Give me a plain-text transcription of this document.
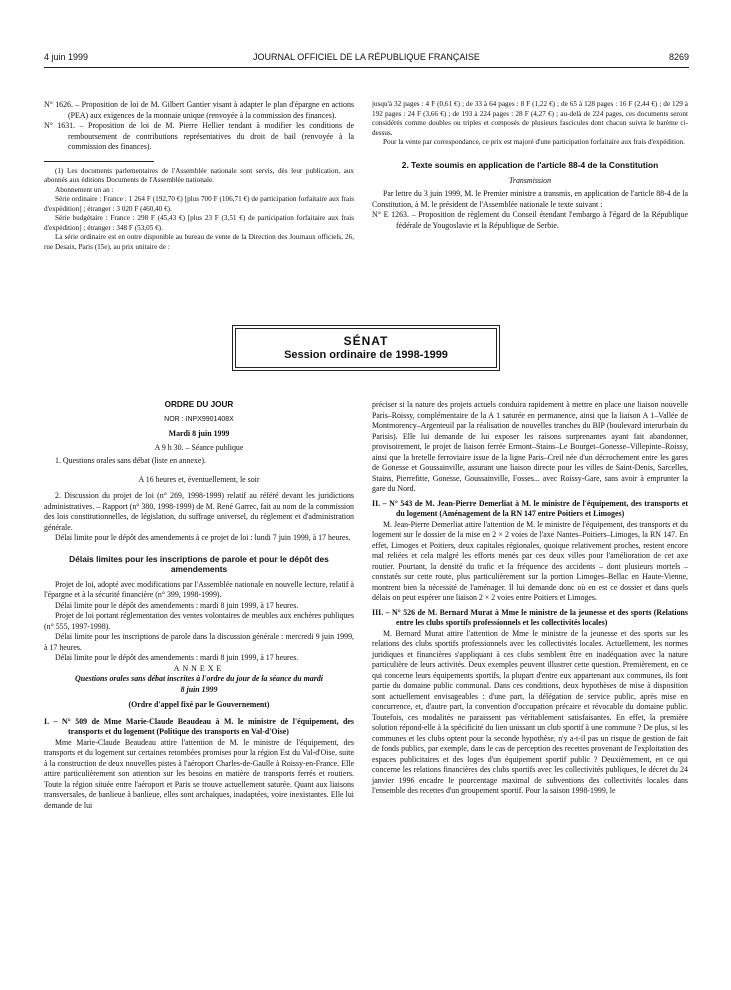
4 juin 1999	JOURNAL OFFICIEL DE LA RÉPUBLIQUE FRANÇAISE	8269

N° 1626. – Proposition de loi de M. Gilbert Gantier visant à adapter le plan d'épargne en actions (PEA) aux exigences de la monnaie unique (renvoyée à la commission des finances).

N° 1631. – Proposition de loi de M. Pierre Hellier tendant à modifier les conditions de remboursement de contributions représentatives du droit de bail (renvoyée à la commission des finances).

(1) Les documents parlementaires de l'Assemblée nationale sont servis, dès leur publication, aux abonnés aux éditions Documents de l'Assemblée nationale.

Abonnement un an :

Série ordinaire : France : 1 264 F (192,70 €) [plus 700 F (106,71 €) de participation forfaitaire aux frais d'expédition] ; étranger : 3 020 F (460,40 €).

Série budgétaire : France : 298 F (45,43 €) [plus 23 F (3,51 €) de participation forfaitaire aux frais d'expédition] ; étranger : 348 F (53,05 €).

La série ordinaire est en outre disponible au bureau de vente de la Direction des Journaux officiels, 26, rue Desaix, Paris (15e), au prix unitaire de :

jusqu'à 32 pages : 4 F (0,61 €) ; de 33 à 64 pages : 8 F (1,22 €) ; de 65 à 128 pages : 16 F (2,44 €) ; de 129 à 192 pages : 24 F (3,66 €) ; de 193 à 224 pages : 28 F (4,27 €) ; au-delà de 224 pages, ces documents seront considérés comme doubles ou triples et composés de plusieurs fascicules dont chacun suivra le barème ci-dessus.

Pour la vente par correspondance, ce prix est majoré d'une participation forfaitaire aux frais d'expédition.

2. Texte soumis en application de l'article 88-4 de la Constitution

Transmission

Par lettre du 3 juin 1999, M. le Premier ministre a transmis, en application de l'article 88-4 de la Constitution, à M. le président de l'Assemblée nationale le texte suivant :

N° E 1263. – Proposition de règlement du Conseil étendant l'embargo à l'égard de la République fédérale de Yougoslavie et la République de Serbie.

SÉNAT
Session ordinaire de 1998-1999

ORDRE DU JOUR

NOR : INPX9901408X

Mardi 8 juin 1999

A 9 h 30. – Séance publique

1. Questions orales sans débat (liste en annexe).

A 16 heures et, éventuellement, le soir

2. Discussion du projet de loi (n° 269, 1998-1999) relatif au référé devant les juridictions administratives. – Rapport (n° 380, 1998-1999) de M. René Garrec, fait au nom de la commission des lois constitutionnelles, de législation, du suffrage universel, du règlement et d'administration générale.

Délai limite pour le dépôt des amendements à ce projet de loi : lundi 7 juin 1999, à 17 heures.

Délais limites pour les inscriptions de parole et pour le dépôt des amendements

Projet de loi, adopté avec modifications par l'Assemblée nationale en nouvelle lecture, relatif à l'épargne et à la sécurité financière (n° 399, 1998-1999).

Délai limite pour le dépôt des amendements : mardi 8 juin 1999, à 17 heures.

Projet de loi portant réglementation des ventes volontaires de meubles aux enchères publiques (n° 555, 1997-1998).

Délai limite pour les inscriptions de parole dans la discussion générale : mercredi 9 juin 1999, à 17 heures.

Délai limite pour le dépôt des amendements : mardi 8 juin 1999, à 17 heures.

ANNEXE

Questions orales sans débat inscrites à l'ordre du jour de la séance du mardi 8 juin 1999

(Ordre d'appel fixé par le Gouvernement)

I. – N° 509 de Mme Marie-Claude Beaudeau à M. le ministre de l'équipement, des transports et du logement (Politique des transports en Val-d'Oise)

Mme Marie-Claude Beaudeau attire l'attention de M. le ministre de l'équipement, des transports et du logement sur certaines retombées promises pour la région Est du Val-d'Oise, suite à la construction de deux nouvelles pistes à l'aéroport Charles-de-Gaulle à Roissy-en-France. Elle attire particulièrement son attention sur les besoins en matière de transports ferrés et routiers. Toute la région située entre l'aéroport et Paris se trouve actuellement saturée. Quant aux liaisons transversales, de banlieue à banlieue, elles sont archaïques, inadaptées, voire inexistantes. Elle lui demande de lui

préciser si la nature des projets actuels conduira rapidement à mettre en place une liaison nouvelle Paris–Roissy, complémentaire de la A 1 saturée en permanence, ainsi que la liaison A 1–Vallée de Montmorency–Argenteuil par la réalisation de nouvelles tranches du BIP (boulevard interurbain du Parisis). Elle lui demande de lui exposer les raisons surprenantes ayant fait abandonner, provisoirement, le projet de liaison ferrée Ermont–Stains–Le Bourget–Gonesse–Villepinte–Roissy, ainsi que la bretelle ferroviaire issue de la ligne Paris–Creil née d'un décrochement entre les gares de Gonesse et Goussainville, assurant une liaison directe pour les villes de Saint-Denis, Sarcelles, Stains, Pierrefitte, Gonesse, Goussainville, Fosses... avec Roissy-Gare, sans avoir à emprunter la gare du Nord.

II. – N° 543 de M. Jean-Pierre Demerliat à M. le ministre de l'équipement, des transports et du logement (Aménagement de la RN 147 entre Poitiers et Limoges)

M. Jean-Pierre Demerliat attire l'attention de M. le ministre de l'équipement, des transports et du logement sur le dossier de la mise en 2 × 2 voies de l'axe Nantes–Poitiers–Limoges, la RN 147. En effet, Limoges et Poitiers, deux capitales régionales, quoique relativement proches, restent encore mal reliées et cela malgré les efforts menés par ces deux villes pour l'amélioration de cet axe routier. Pourtant, la densité du trafic et la fréquence des accidents – dont plusieurs mortels – constatés sur cette route, plus particulièrement sur la portion Limoges–Bellac en Haute-Vienne, montrent bien la nécessité de l'aménager. Il lui demande donc où en est ce dossier et dans quels délais on peut espérer une liaison 2 × 2 voies entre Poitiers et Limoges.

III. – N° 526 de M. Bernard Murat à Mme le ministre de la jeunesse et des sports (Relations entre les clubs sportifs professionnels et les collectivités locales)

M. Bernard Murat attire l'attention de Mme le ministre de la jeunesse et des sports sur les relations des clubs sportifs professionnels avec les collectivités locales. Actuellement, les normes juridiques et financières s'appliquant à ces clubs semblent être en inadéquation avec la nature particulière de leurs activités. Deux exemples peuvent illustrer cette question. Premièrement, en ce qui concerne leurs équipements sportifs, la plupart d'entre eux appartenant aux communes, ils font partie du domaine public communal. Dans ces conditions, deux hypothèses de mise à disposition sont actuellement envisageables : d'une part, la délégation de service public, après mise en concurrence, et, d'autre part, la convention d'occupation précaire et révocable du domaine public. Toutefois, ces modalités ne paraissent pas véritablement satisfaisantes. En effet, la première solution répond-elle à la spécificité du lien unissant un club sportif à une commune ? De plus, si les communes et les clubs optent pour la seconde hypothèse, n'y a-t-il pas un risque de gestion de fait de fonds publics, par exemple, dans le cas de perception des recettes provenant de l'exploitation des espaces publicitaires et des loges d'un équipement sportif public ? Deuxièmement, en ce qui concerne les relations financières des clubs sportifs avec les collectivités publiques, le décret du 24 janvier 1996 encadre le pourcentage maximal de subventions des collectivités locales dans l'ensemble des recettes d'un groupement sportif. Pour la saison 1998-1999, le
